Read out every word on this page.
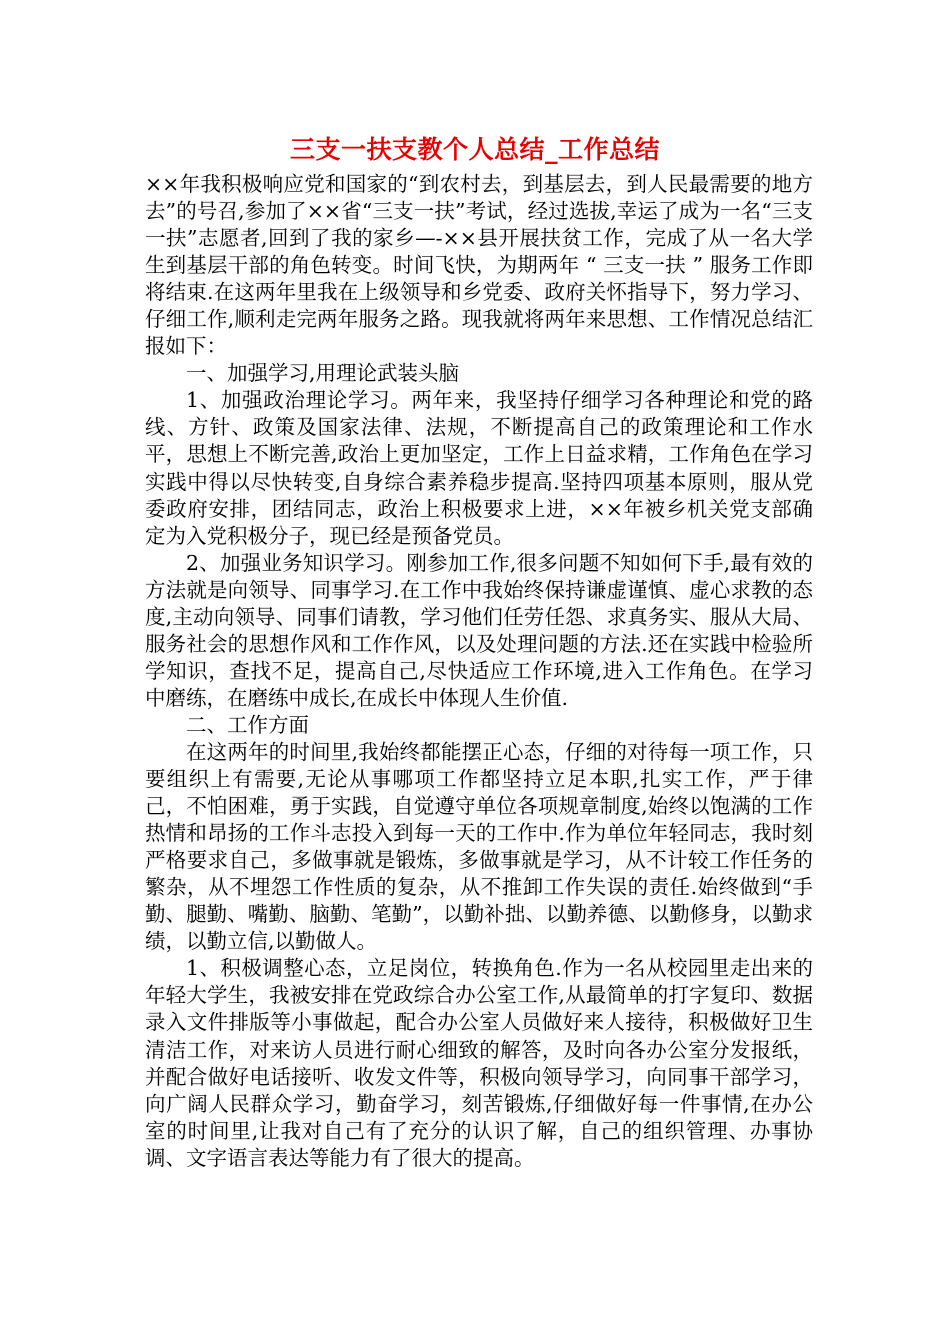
三支一扶支教个人总结_工作总结

××年我积极响应党和国家的“到农村去，到基层去，到人民最需要的地方去”的号召,参加了××省“三支一扶”考试，经过选拔,幸运了成为一名“三支一扶”志愿者,回到了我的家乡—-××县开展扶贫工作，完成了从一名大学生到基层干部的角色转变。时间飞快，为期两年 “ 三支一扶 ” 服务工作即将结束.在这两年里我在上级领导和乡党委、政府关怀指导下，努力学习、仔细工作,顺利走完两年服务之路。现我就将两年来思想、工作情况总结汇报如下：

一、加强学习,用理论武装头脑

1、加强政治理论学习。两年来，我坚持仔细学习各种理论和党的路线、方针、政策及国家法律、法规，不断提高自己的政策理论和工作水平，思想上不断完善,政治上更加坚定，工作上日益求精，工作角色在学习实践中得以尽快转变,自身综合素养稳步提高.坚持四项基本原则，服从党委政府安排，团结同志，政治上积极要求上进，××年被乡机关党支部确定为入党积极分子，现已经是预备党员。

2、加强业务知识学习。刚参加工作,很多问题不知如何下手,最有效的方法就是向领导、同事学习.在工作中我始终保持谦虚谨慎、虚心求教的态度,主动向领导、同事们请教，学习他们任劳任怨、求真务实、服从大局、服务社会的思想作风和工作作风，以及处理问题的方法.还在实践中检验所学知识，查找不足，提高自己,尽快适应工作环境,进入工作角色。在学习中磨练，在磨练中成长,在成长中体现人生价值.

二、工作方面

在这两年的时间里,我始终都能摆正心态，仔细的对待每一项工作，只要组织上有需要,无论从事哪项工作都坚持立足本职,扎实工作，严于律己，不怕困难，勇于实践，自觉遵守单位各项规章制度,始终以饱满的工作热情和昂扬的工作斗志投入到每一天的工作中.作为单位年轻同志，我时刻严格要求自己，多做事就是锻炼，多做事就是学习，从不计较工作任务的繁杂，从不埋怨工作性质的复杂，从不推卸工作失误的责任.始终做到“手勤、腿勤、嘴勤、脑勤、笔勤”，以勤补拙、以勤养德、以勤修身，以勤求绩，以勤立信,以勤做人。

1、积极调整心态，立足岗位，转换角色.作为一名从校园里走出来的年轻大学生，我被安排在党政综合办公室工作,从最简单的打字复印、数据录入文件排版等小事做起，配合办公室人员做好来人接待，积极做好卫生清洁工作，对来访人员进行耐心细致的解答，及时向各办公室分发报纸，并配合做好电话接听、收发文件等，积极向领导学习，向同事干部学习，向广阔人民群众学习，勤奋学习，刻苦锻炼,仔细做好每一件事情,在办公室的时间里,让我对自己有了充分的认识了解，自己的组织管理、办事协调、文字语言表达等能力有了很大的提高。
